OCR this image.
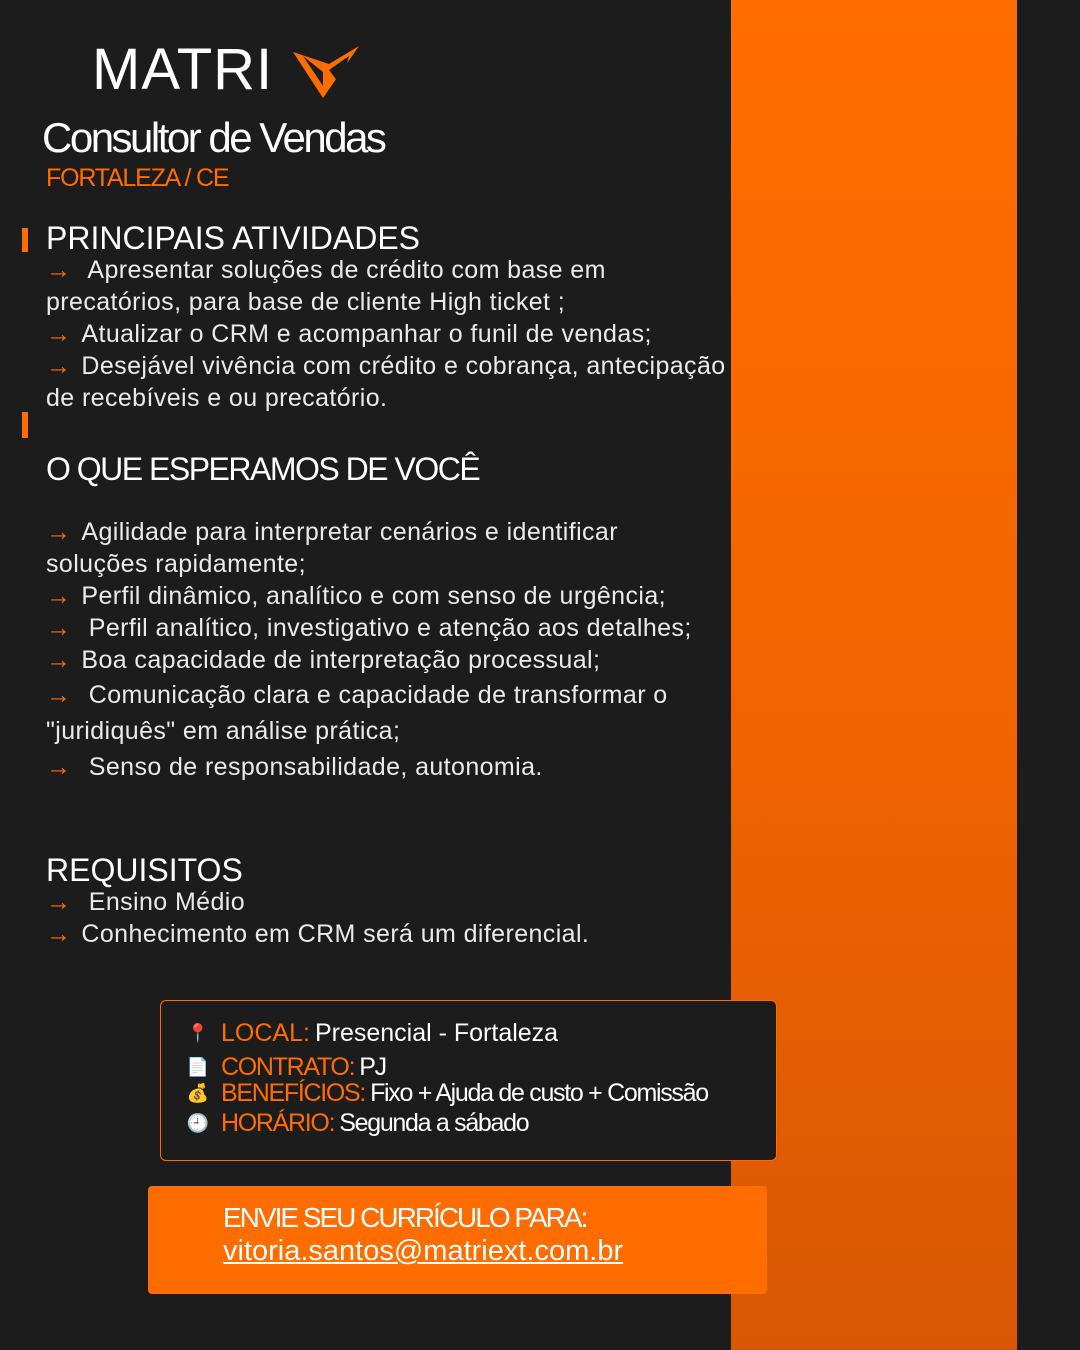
MATRI
Consultor de Vendas
FORTALEZA / CE
PRINCIPAIS ATIVIDADES

→ Apresentar soluções de crédito com base em precatórios, para base de cliente High ticket ;

→ Atualizar o CRM e acompanhar o funil de vendas;

→ Desejável vivência com crédito e cobrança, antecipação de recebíveis e ou precatório.

O QUE ESPERAMOS DE VOCÊ

→ Agilidade para interpretar cenários e identificar soluções rapidamente;

→ Perfil dinâmico, analítico e com senso de urgência;

→ Perfil analítico, investigativo e atenção aos detalhes;

→ Boa capacidade de interpretação processual;

→ Comunicação clara e capacidade de transformar o "juridiquês" em análise prática;

→ Senso de responsabilidade, autonomia.

REQUISITOS

→ Ensino Médio

→ Conhecimento em CRM será um diferencial.

📍 LOCAL: Presencial - Fortaleza
📄 CONTRATO: PJ
💰 BENEFÍCIOS: Fixo + Ajuda de custo + Comissão
🕘 HORÁRIO: Segunda a sábado
ENVIE SEU CURRÍCULO PARA:
vitoria.santos@matriext.com.br
